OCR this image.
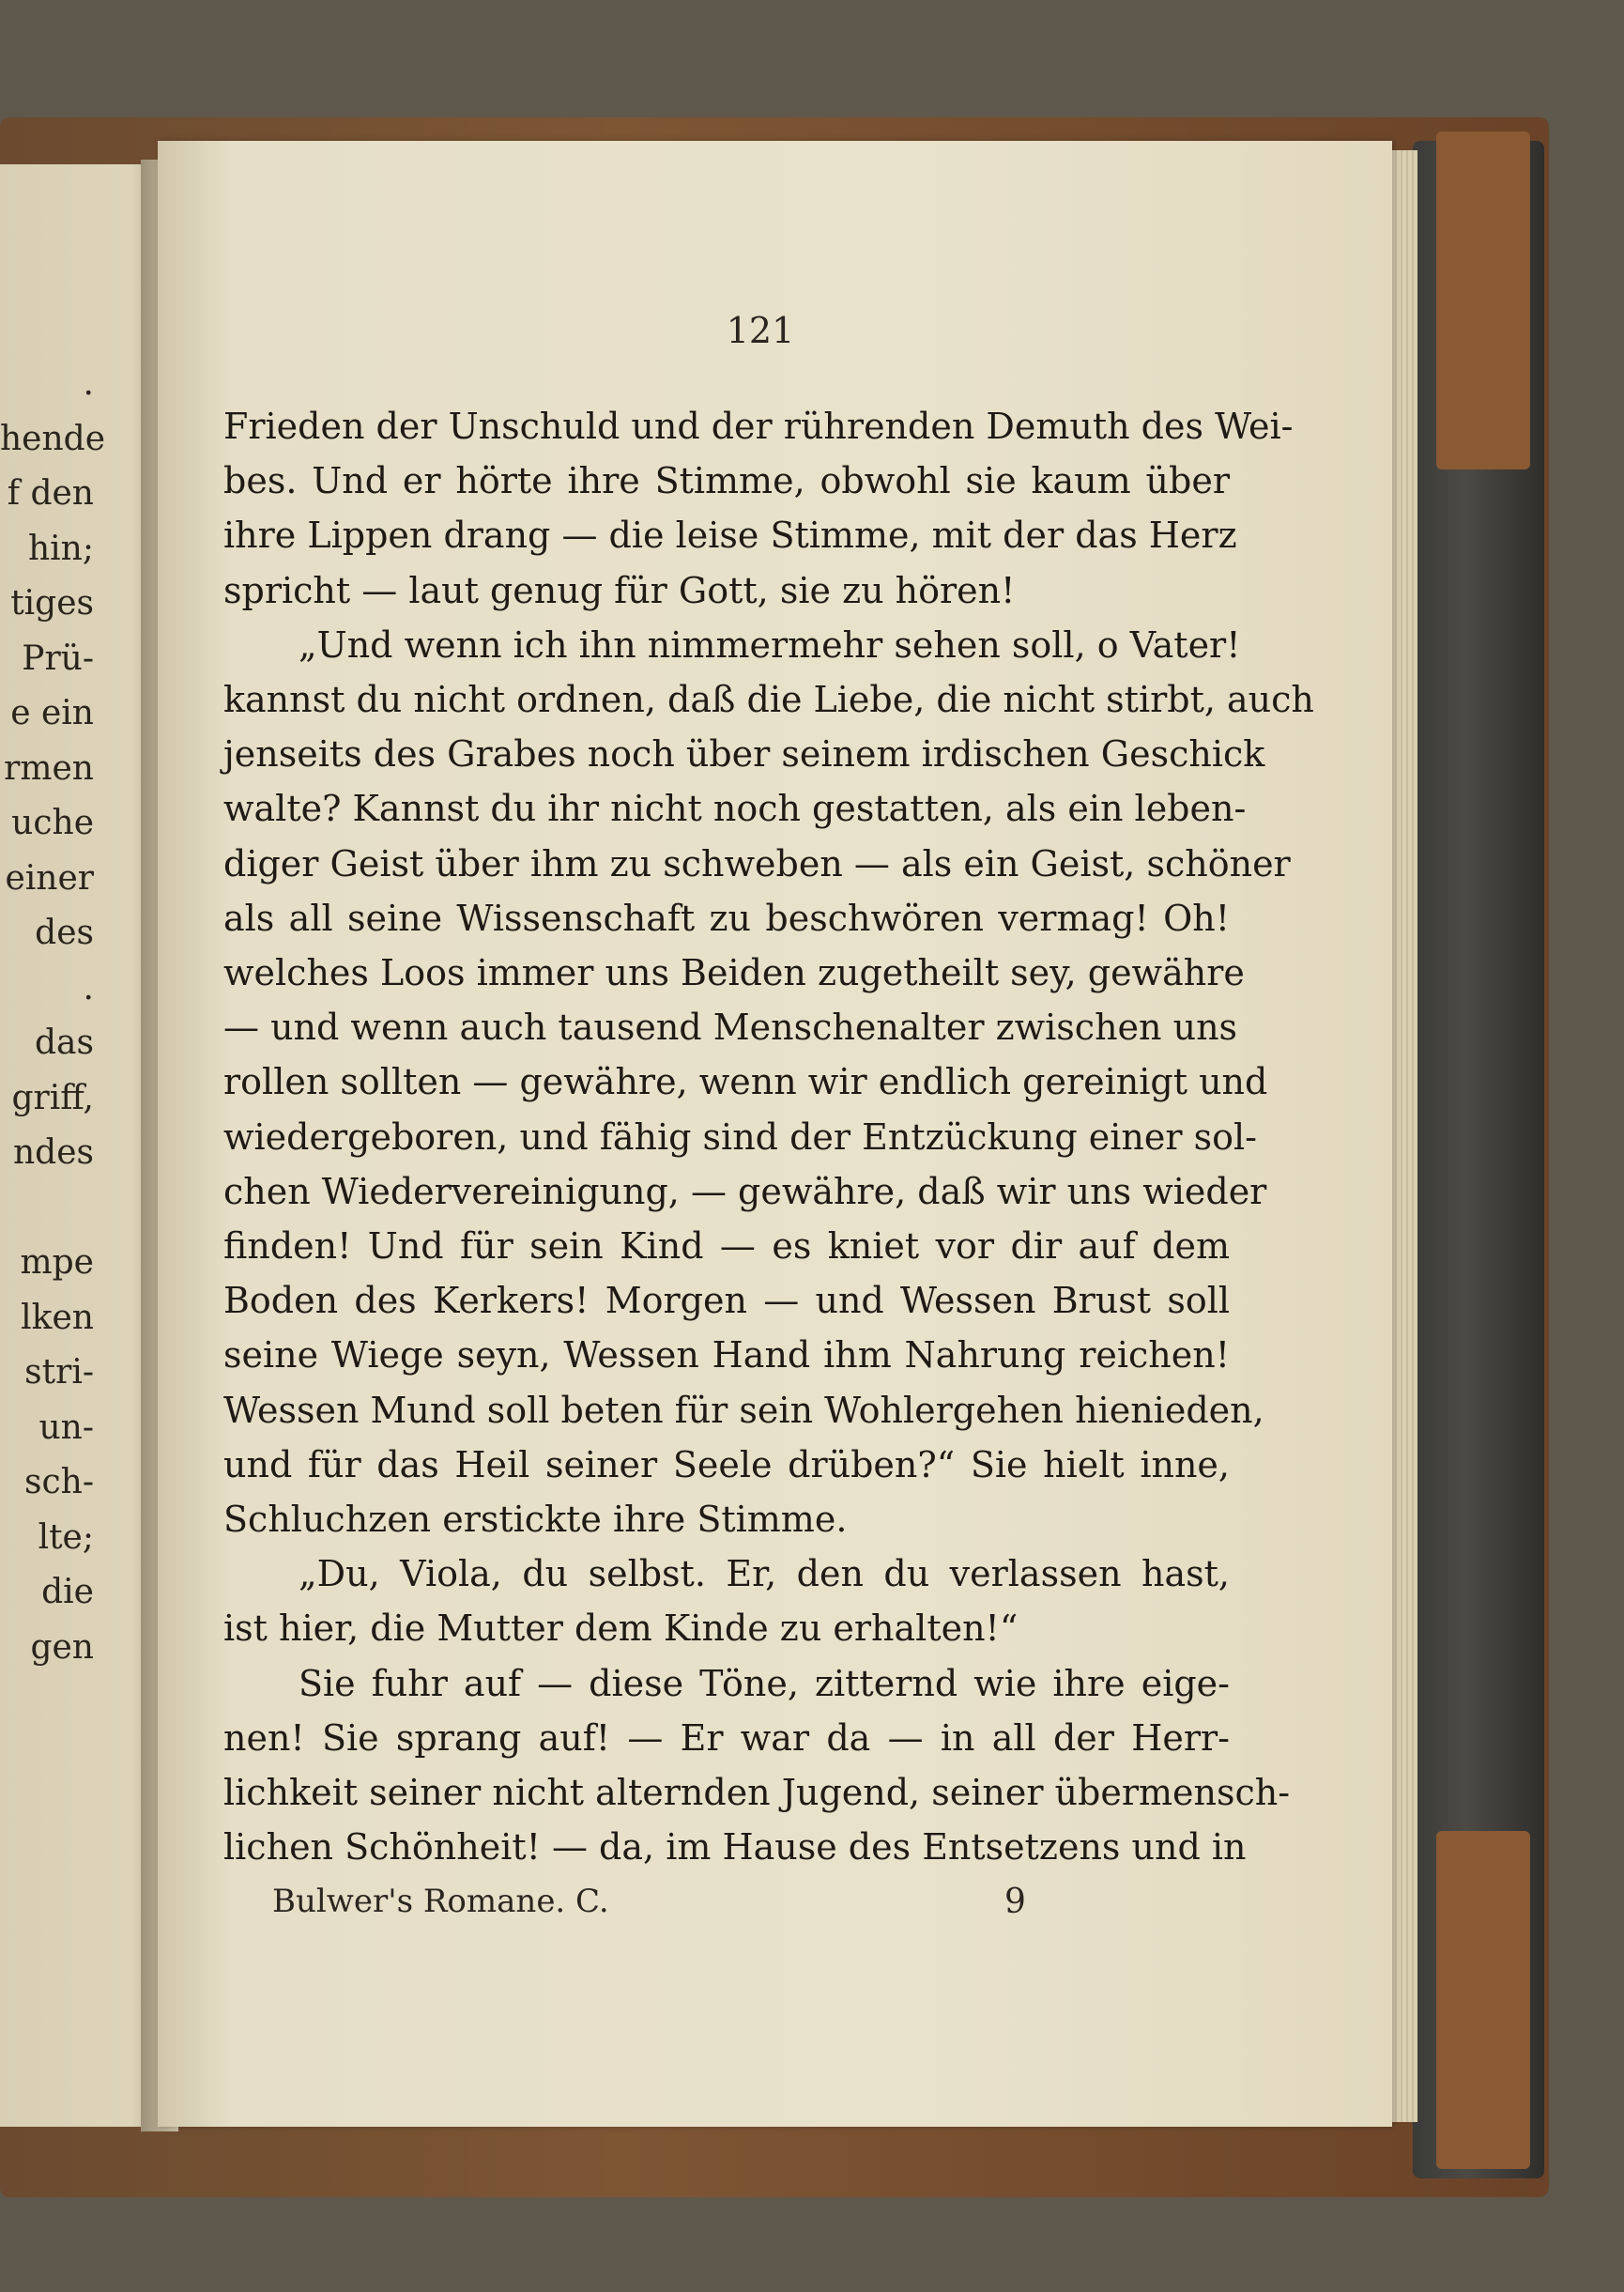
.
hende
f den
hin;
tiges
Prü-
e ein
rmen
uche
einer
des
.
das
griff,
ndes
mpe
lken
stri-
un-
sch-
lte;
die
gen
121
Frieden der Unschuld und der rührenden Demuth des Wei-
bes. Und er hörte ihre Stimme, obwohl sie kaum über
ihre Lippen drang — die leise Stimme, mit der das Herz
spricht — laut genug für Gott, sie zu hören!
„Und wenn ich ihn nimmermehr sehen soll, o Vater!
kannst du nicht ordnen, daß die Liebe, die nicht stirbt, auch
jenseits des Grabes noch über seinem irdischen Geschick
walte? Kannst du ihr nicht noch gestatten, als ein leben-
diger Geist über ihm zu schweben — als ein Geist, schöner
als all seine Wissenschaft zu beschwören vermag! Oh!
welches Loos immer uns Beiden zugetheilt sey, gewähre
— und wenn auch tausend Menschenalter zwischen uns
rollen sollten — gewähre, wenn wir endlich gereinigt und
wiedergeboren, und fähig sind der Entzückung einer sol-
chen Wiedervereinigung, — gewähre, daß wir uns wieder
finden! Und für sein Kind — es kniet vor dir auf dem
Boden des Kerkers! Morgen — und Wessen Brust soll
seine Wiege seyn, Wessen Hand ihm Nahrung reichen!
Wessen Mund soll beten für sein Wohlergehen hienieden,
und für das Heil seiner Seele drüben?“ Sie hielt inne,
Schluchzen erstickte ihre Stimme.
„Du, Viola, du selbst. Er, den du verlassen hast,
ist hier, die Mutter dem Kinde zu erhalten!“
Sie fuhr auf — diese Töne, zitternd wie ihre eige-
nen! Sie sprang auf! — Er war da — in all der Herr-
lichkeit seiner nicht alternden Jugend, seiner übermensch-
lichen Schönheit! — da, im Hause des Entsetzens und in
Bulwer's Romane. C.	9
